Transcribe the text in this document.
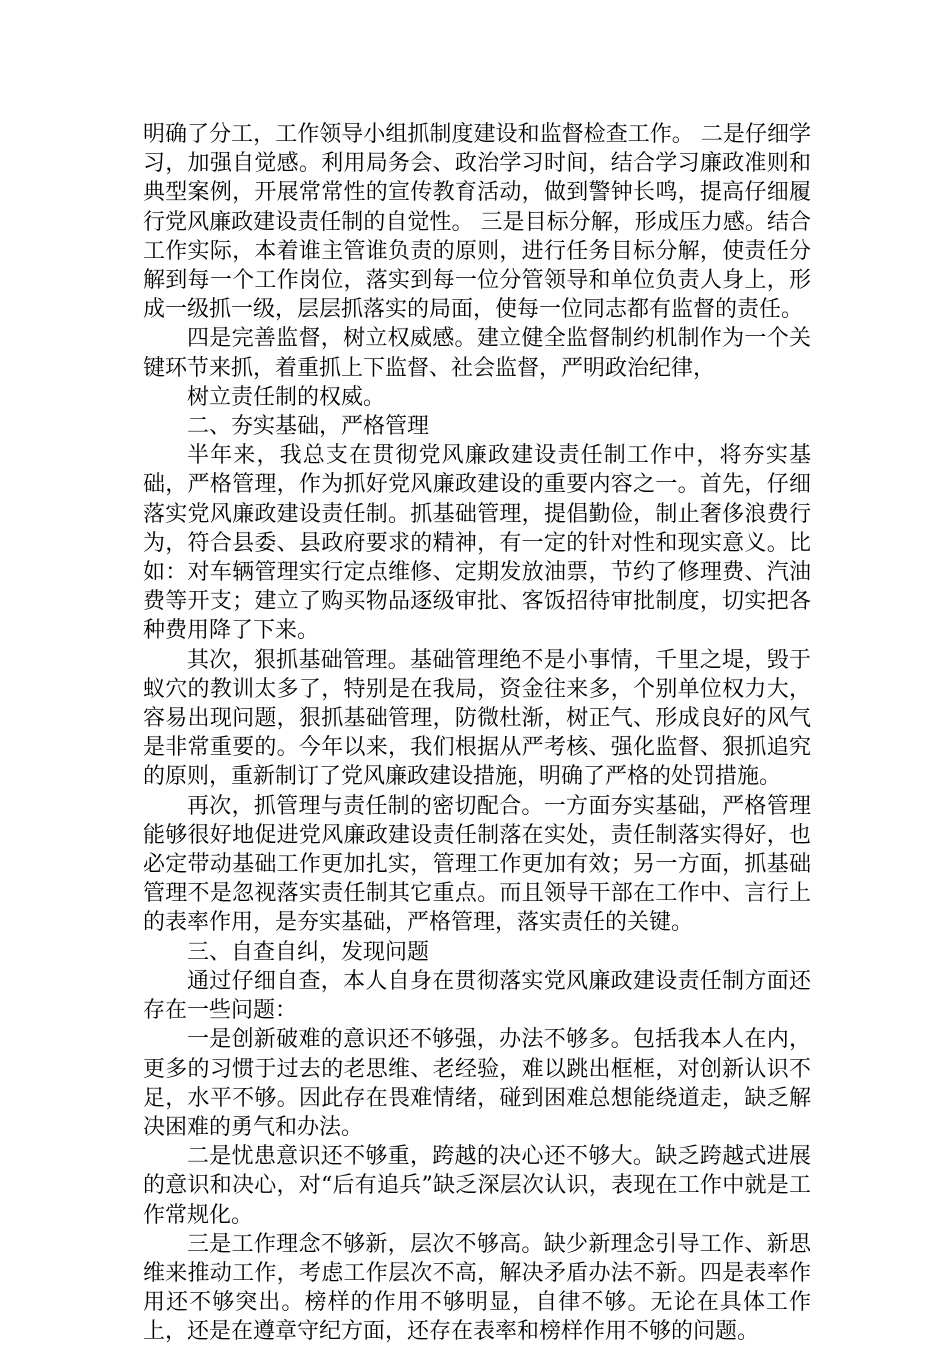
明确了分工，工作领导小组抓制度建设和监督检查工作。 二是仔细学习，加强自觉感。利用局务会、政治学习时间，结合学习廉政准则和典型案例，开展常常性的宣传教育活动，做到警钟长鸣，提高仔细履行党风廉政建设责任制的自觉性。 三是目标分解，形成压力感。结合工作实际，本着谁主管谁负责的原则，进行任务目标分解，使责任分解到每一个工作岗位，落实到每一位分管领导和单位负责人身上，形成一级抓一级，层层抓落实的局面，使每一位同志都有监督的责任。

四是完善监督，树立权威感。建立健全监督制约机制作为一个关键环节来抓，着重抓上下监督、社会监督，严明政治纪律，

树立责任制的权威。

二、夯实基础，严格管理

半年来，我总支在贯彻党风廉政建设责任制工作中，将夯实基础，严格管理，作为抓好党风廉政建设的重要内容之一。首先，仔细落实党风廉政建设责任制。抓基础管理，提倡勤俭，制止奢侈浪费行为，符合县委、县政府要求的精神，有一定的针对性和现实意义。比如：对车辆管理实行定点维修、定期发放油票，节约了修理费、汽油费等开支；建立了购买物品逐级审批、客饭招待审批制度，切实把各种费用降了下来。

其次，狠抓基础管理。基础管理绝不是小事情，千里之堤，毁于蚁穴的教训太多了，特别是在我局，资金往来多，个别单位权力大，容易出现问题，狠抓基础管理，防微杜渐，树正气、形成良好的风气是非常重要的。今年以来，我们根据从严考核、强化监督、狠抓追究的原则，重新制订了党风廉政建设措施，明确了严格的处罚措施。

再次，抓管理与责任制的密切配合。一方面夯实基础，严格管理能够很好地促进党风廉政建设责任制落在实处，责任制落实得好，也必定带动基础工作更加扎实，管理工作更加有效；另一方面，抓基础管理不是忽视落实责任制其它重点。而且领导干部在工作中、言行上的表率作用，是夯实基础，严格管理，落实责任的关键。

三、自查自纠，发现问题

通过仔细自查，本人自身在贯彻落实党风廉政建设责任制方面还存在一些问题：

一是创新破难的意识还不够强，办法不够多。包括我本人在内，更多的习惯于过去的老思维、老经验，难以跳出框框，对创新认识不足，水平不够。因此存在畏难情绪，碰到困难总想能绕道走，缺乏解决困难的勇气和办法。

二是忧患意识还不够重，跨越的决心还不够大。缺乏跨越式进展的意识和决心，对“后有追兵”缺乏深层次认识，表现在工作中就是工作常规化。

三是工作理念不够新，层次不够高。缺少新理念引导工作、新思维来推动工作，考虑工作层次不高，解决矛盾办法不新。四是表率作用还不够突出。榜样的作用不够明显，自律不够。无论在具体工作上，还是在遵章守纪方面，还存在表率和榜样作用不够的问题。
